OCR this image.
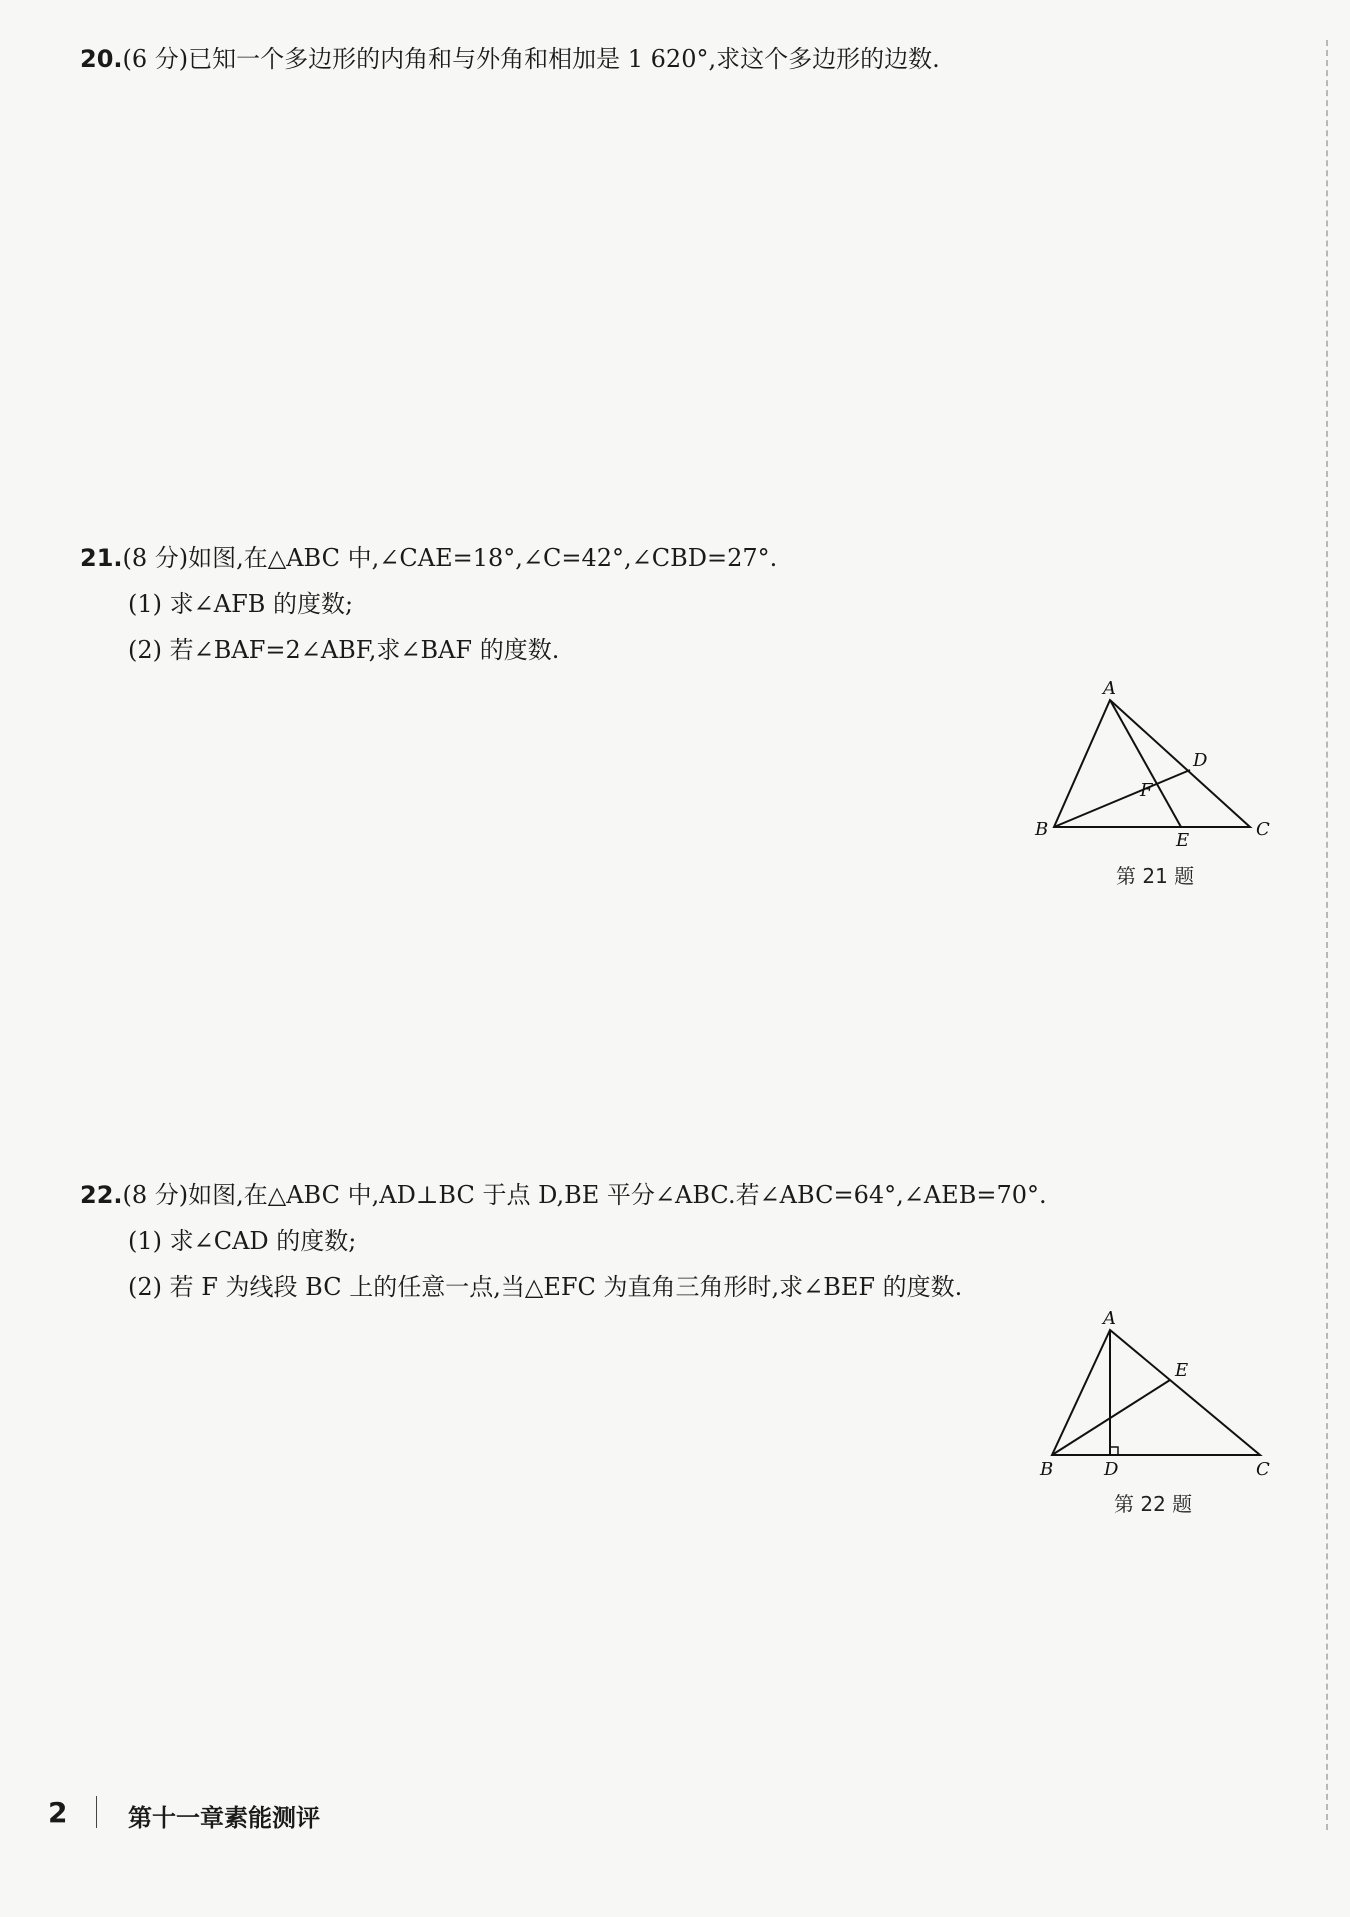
20.(6 分)已知一个多边形的内角和与外角和相加是 1 620°,求这个多边形的边数.
21.(8 分)如图,在△ABC 中,∠CAE=18°,∠C=42°,∠CBD=27°.
(1) 求∠AFB 的度数;
(2) 若∠BAF=2∠ABF,求∠BAF 的度数.
A
B	C
D
E
F
第 21 题
22.(8 分)如图,在△ABC 中,AD⊥BC 于点 D,BE 平分∠ABC.若∠ABC=64°,∠AEB=70°.
(1) 求∠CAD 的度数;
(2) 若 F 为线段 BC 上的任意一点,当△EFC 为直角三角形时,求∠BEF 的度数.
A
B	C
D
E
第 22 题
2	第十一章素能测评
